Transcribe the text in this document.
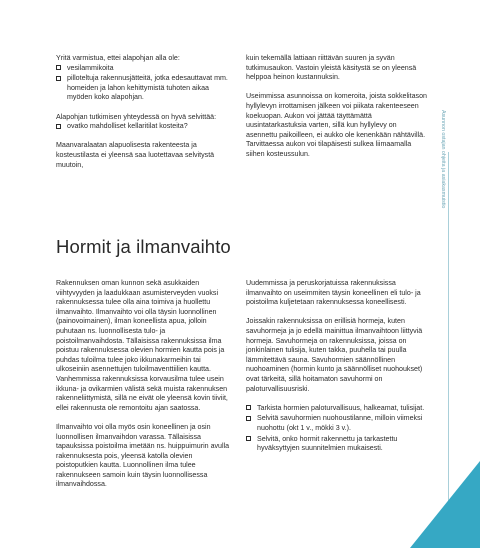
Yritä varmistua, ettei alapohjan alla ole:

vesilammikoita
pilloteltuja rakennusjätteitä, jotka edesauttavat mm. homeiden ja lahon kehittymistä tuhoten aikaa myöden koko alapohjan.

Alapohjan tutkimisen yhteydessä on hyvä selvittää:

ovatko mahdolliset kellaritilat kosteita?

Maanvaralaatan alapuolisesta rakenteesta ja kosteustilasta ei yleensä saa luotettavaa selvitystä muutoin,

kuin tekemällä lattiaan riittävän suuren ja syvän tutkimusaukon. Vastoin yleistä käsitystä se on yleensä helppoa heinon kustannuksin.

Useimmissa asunnoissa on komeroita, joista sokkelitason hyllylevyn irrottamisen jälkeen voi piikata rakenteeseen koekuopan. Aukon voi jättää täyttämättä uusintatarkastuksia varten, sillä kun hyllylevy on asennettu paikoilleen, ei aukko ole kenenkään nähtävillä. Tarvittaessa aukon voi tilapäisesti sulkea liimaamalla siihen kosteussulun.

Hormit ja ilmanvaihto

Rakennuksen oman kunnon sekä asukkaiden viihtyvyyden ja laadukkaan asumisterveyden vuoksi rakennuksessa tulee olla aina toimiva ja huollettu ilmanvaihto. Ilmanvaihto voi olla täysin luonnollinen (painovoimainen), ilman koneellista apua, jolloin puhutaan ns. luonnollisesta tulo- ja poistoilmanvaihdosta. Tällaisissa rakennuksissa ilma poistuu rakennuksessa olevien hormien kautta pois ja puhdas tuloilma tulee joko ikkunakarmeihin tai ulkoseiniin asennettujen tuloilmaventtiilien kautta. Vanhemmissa rakennuksissa korvausilma tulee usein ikkuna- ja ovikarmien välistä sekä muista rakennuksen rakenneliittymistä, sillä ne eivät ole yleensä kovin tiiviit, ellei rakennusta ole remontoitu ajan saatossa.

Ilmanvaihto voi olla myös osin koneellinen ja osin luonnollisen ilmanvaihdon varassa. Tällaisissa tapauksissa poistoilma imetään ns. huippuimurin avulla rakennuksesta pois, yleensä katolla olevien poistoputkien kautta. Luonnollinen ilma tulee rakennukseen samoin kuin täysin luonnollisessa ilmanvaihdossa.

Uudemmissa ja peruskorjatuissa rakennuksissa ilmanvaihto on useimmiten täysin koneellinen eli tulo- ja poistoilma kuljetetaan rakennuksessa koneellisesti.

Joissakin rakennuksissa on erillisiä hormeja, kuten savuhormeja ja jo edellä mainittua ilmanvaihtoon liittyviä hormeja. Savuhormeja on rakennuksissa, joissa on jonkinlainen tulisija, kuten takka, puuhella tai puulla lämmitettävä sauna. Savuhormien säännöllinen nuohoaminen (hormin kunto ja säännölliset nuohoukset) ovat tärkeitä, sillä hoitamaton savuhormi on paloturvallisuusriski.

Tarkista hormien paloturvallisuus, halkeamat, tulisijat.
Selvitä savuhormien nuohoustilanne, milloin viimeksi nuohottu (okt 1 v., mökki 3 v.).
Selvitä, onko hormit rakennettu ja tarkastettu hyväksyttyjen suunnitelmien mukaisesti.
Asunnon ostajan ohjeita ja asiakasmuistio
27
